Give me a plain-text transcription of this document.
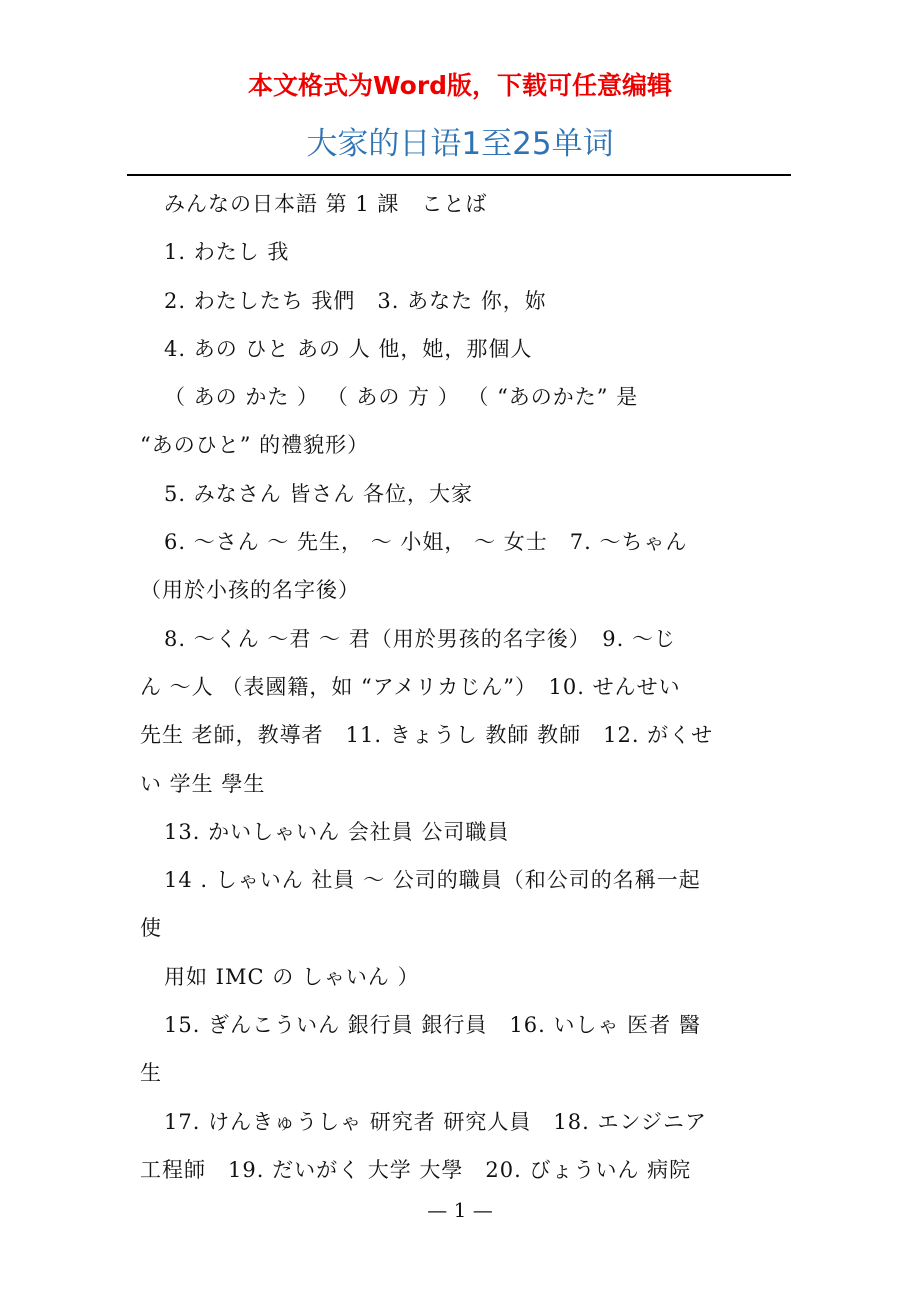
本文格式为Word版，下载可任意编辑
大家的日语1至25单词
みんなの日本語 第 1 課　ことば
1. わたし 我
2. わたしたち 我們　3. あなた 你，妳
4. あの ひと あの 人 他，她，那個人
（ あの かた ） （ あの 方 ） （ “あのかた” 是
“あのひと” 的禮貌形）
5. みなさん 皆さん 各位，大家
6. ～さん ～ 先生， ～ 小姐， ～ 女士　7. ～ちゃん
（用於小孩的名字後）
8. ～くん ～君 ～ 君（用於男孩的名字後）　9. ～じ
ん ～人 （表國籍，如 “アメリカじん”）　10. せんせい
先生 老師，教導者　11. きょうし 教師 教師　12. がくせ
い 学生 學生
13. かいしゃいん 会社員 公司職員
14 . しゃいん 社員 ～ 公司的職員（和公司的名稱一起
使
用如 IMC の しゃいん ）
15. ぎんこういん 銀行員 銀行員　16. いしゃ 医者 醫
生
17. けんきゅうしゃ 研究者 研究人員　18. エンジニア
工程師　19. だいがく 大学 大學　20. びょういん 病院
— 1 —
